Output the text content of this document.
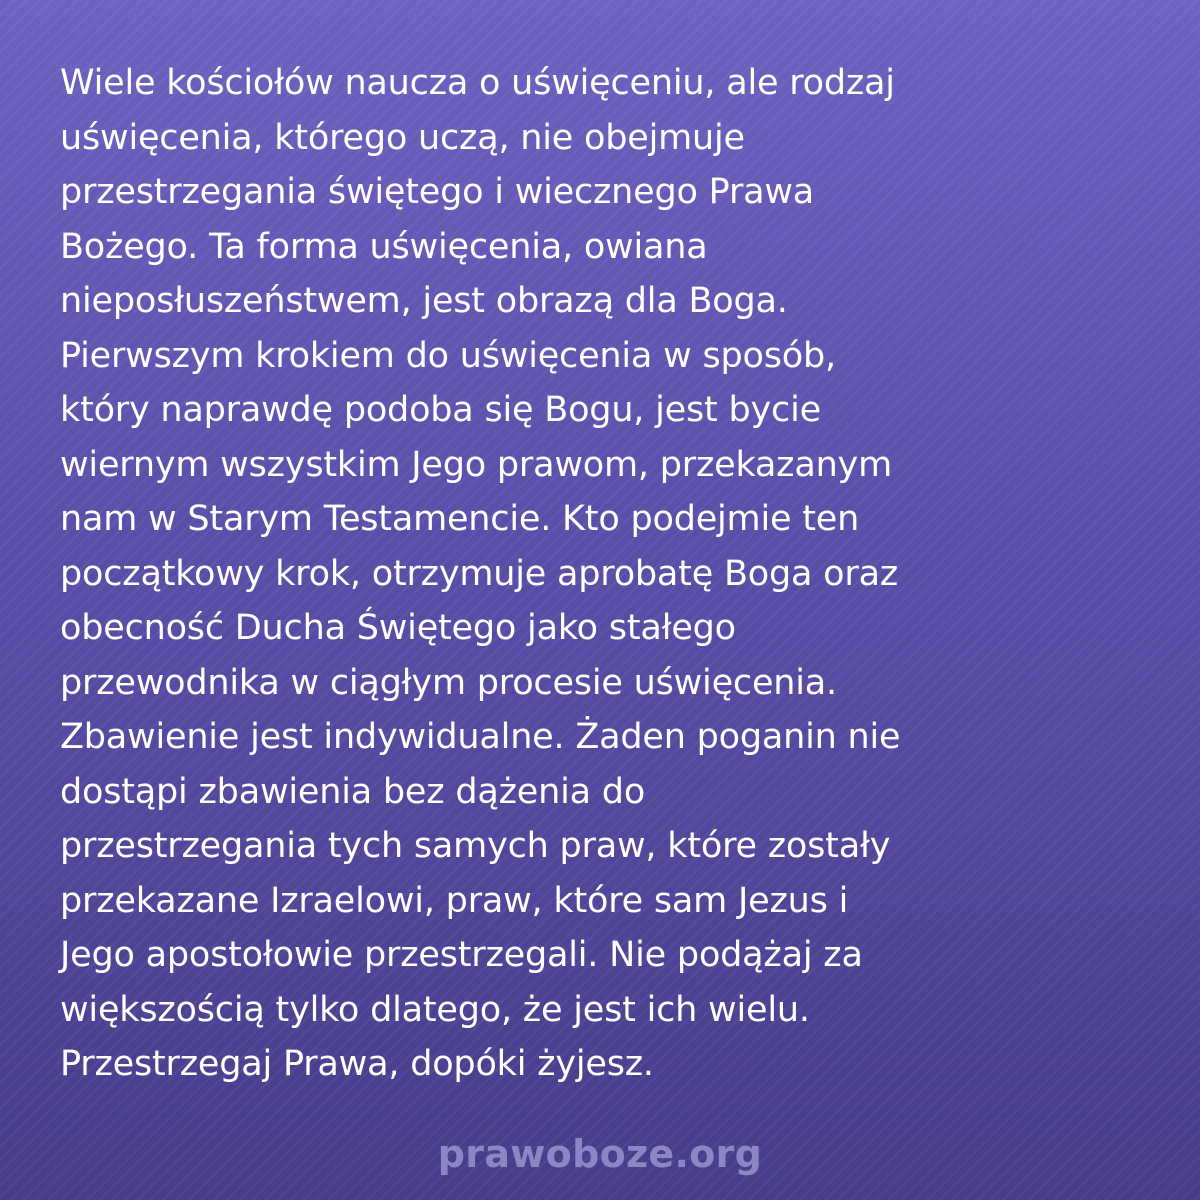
Wiele kościołów naucza o uświęceniu, ale rodzaj
uświęcenia, którego uczą, nie obejmuje
przestrzegania świętego i wiecznego Prawa
Bożego. Ta forma uświęcenia, owiana
nieposłuszeństwem, jest obrazą dla Boga.
Pierwszym krokiem do uświęcenia w sposób,
który naprawdę podoba się Bogu, jest bycie
wiernym wszystkim Jego prawom, przekazanym
nam w Starym Testamencie. Kto podejmie ten
początkowy krok, otrzymuje aprobatę Boga oraz
obecność Ducha Świętego jako stałego
przewodnika w ciągłym procesie uświęcenia.
Zbawienie jest indywidualne. Żaden poganin nie
dostąpi zbawienia bez dążenia do
przestrzegania tych samych praw, które zostały
przekazane Izraelowi, praw, które sam Jezus i
Jego apostołowie przestrzegali. Nie podążaj za
większością tylko dlatego, że jest ich wielu.
Przestrzegaj Prawa, dopóki żyjesz.
prawoboze.org
